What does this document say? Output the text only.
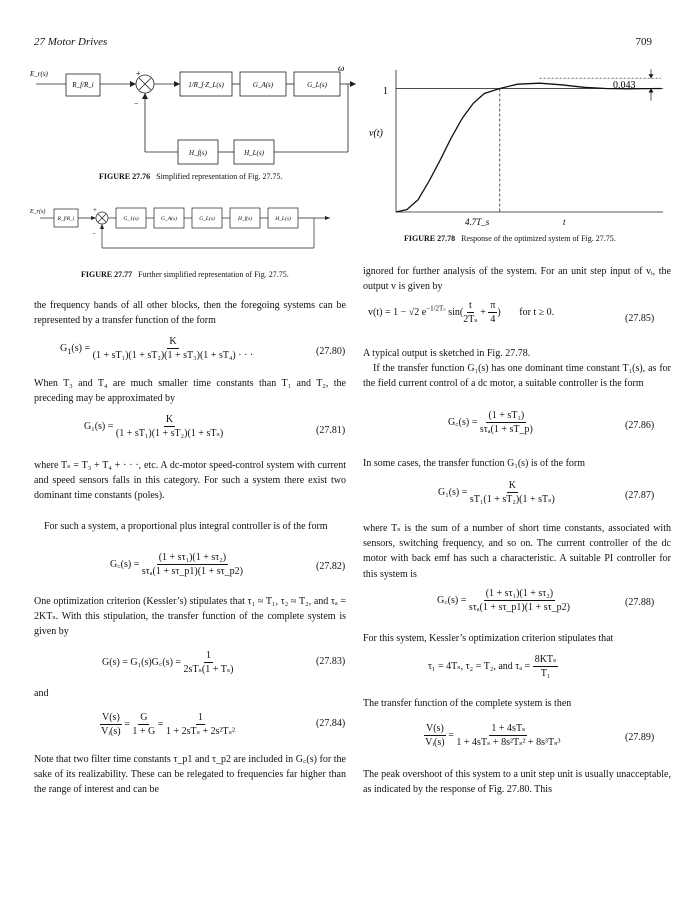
27 Motor Drives	709
E_r(s)
R_f/R_i
+
−
1/R_f·Z_L(s)	G_A(s)	G_L(s)
ω
H_L(s)
H_f(s)
FIGURE 27.76 Simplified representation of Fig. 27.75.
E_r(s)
R_f/R_i
+
-
G_1(s)	G_A(s)	G_L(s)	H_f(s)	H_L(s)
FIGURE 27.77 Further simplified representation of Fig. 27.75.
1
v(t)
0.043
4.7T_s	t
FIGURE 27.78 Response of the optimized system of Fig. 27.75.
the frequency bands of all other blocks, then the foregoing systems can be represented by a transfer function of the form
$G_1(s) = \frac{K}{\text{(1 + sT₁)(1 + sT₂)(1 + sT₃)(1 + sT₄) · · ·}}$	(27.80)
When T₃ and T₄ are much smaller time constants than T₁ and T₂, the preceding may be approximated by
$G_1(s) = \frac{K}{\text{(1 + sT₁)(1 + sT₂)(1 + sTₛ)}}$	(27.81)
where Tₛ = T₃ + T₄ + · · ·, etc. A dc-motor speed-control system with current and speed sensors falls in this category. For such a system there exist two dominant time constants (poles).
For such a system, a proportional plus integral controller is of the form
G꜀(s) = $\frac{\text{(1 + sτ₁)(1 + sτ₂)}}{\text{sτₐ(1 + sτ\_p1)(1 + sτ\_p2)}}$	(27.82)
One optimization criterion (Kessler’s) stipulates that τ₁ ≈ T₁, τ₂ ≈ T₂, and τₐ = 2KTₛ. With this stipulation, the transfer function of the complete system is given by
G(s) = G₁(s)G꜀(s) = $\frac{1}{\text{2sTₛ(1 + Tₛ)}}$	(27.83)
and
$\frac{V(s)}{\text{Vᵢ(s)}} = \frac{G}{1 + G} = \frac{1}{\text{1 + 2sTₛ + 2s²Tₛ²}}$	(27.84)
Note that two filter time constants τ_p1 and τ_p2 are included in G꜀(s) for the sake of its realizability. These can be relegated to frequencies far higher than the range of interest and can be
ignored for further analysis of the system. For an unit step input of vᵢ, the output v is given by
v(t) = 1 − √2 $e^{-1/2T_s}$ $\sin( \frac{t}{\text{2Tₛ}} + \frac{\pi}{4}$ ) for t ≥ 0.
(27.85)
A typical output is sketched in Fig. 27.78.
If the transfer function G₁(s) has one dominant time constant T₁(s), as for the field current control of a dc motor, a suitable controller is the form
G꜀(s) = $\frac{\text{(1 + sT₁)}}{\text{sτₐ(1 + sT\_p)}}$	(27.86)
In some cases, the transfer function G₁(s) is of the form
$G_1(s) = \frac{K}{\text{sT₁(1 + sT₂)(1 + sTₛ)}}$	(27.87)
where Tₛ is the sum of a number of short time constants, associated with sensors, switching frequency, and so on. The current controller of the dc motor with back emf has such a characteristic. A suitable PI controller for this system is
G꜀(s) = $\frac{\text{(1 + sτ₁)(1 + sτ₂)}}{\text{sτₐ(1 + sτ\_p1)(1 + sτ\_p2)}}$	(27.88)
For this system, Kessler’s optimization criterion stipulates that
τ₁ = 4Tₛ, τ₂ = T₂, and $\tau_a = \frac{\text{8KTₛ}}{\text{T₁}}$
The transfer function of the complete system is then
$\frac{V(s)}{\text{Vᵢ(s)}} = \frac{\text{1 + 4sTₛ}}{\text{1 + 4sTₛ + 8s²Tₛ² + 8s³Tₛ³}}$	(27.89)
The peak overshoot of this system to a unit step unit is usually unacceptable, as indicated by the response of Fig. 27.80. This
